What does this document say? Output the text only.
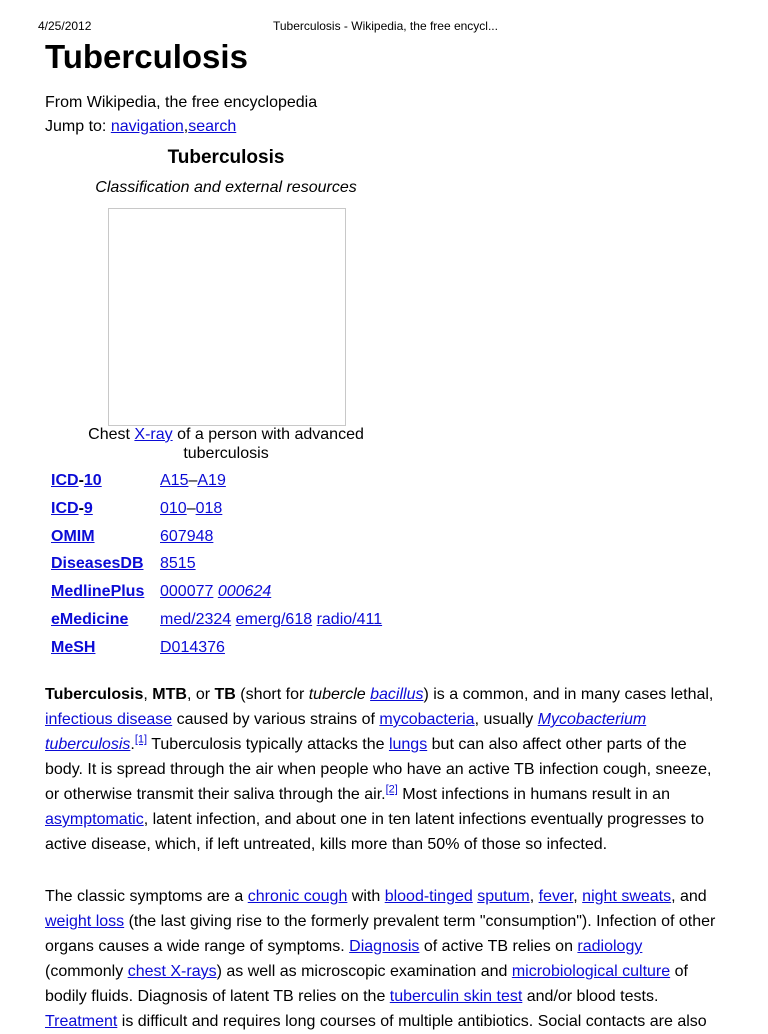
4/25/2012	Tuberculosis - Wikipedia, the free encycl...
Tuberculosis
From Wikipedia, the free encyclopedia
Jump to: navigation,search
Tuberculosis
Classification and external resources
Chest X-ray of a person with advanced
tuberculosis
ICD-10	A15–A19
ICD-9	010–018
OMIM	607948
DiseasesDB 8515
MedlinePlus 000077 000624
eMedicine med/2324 emerg/618 radio/411
MeSH	D014376

Tuberculosis, MTB, or TB (short for tubercle bacillus) is a common, and in many cases lethal,

infectious disease caused by various strains of mycobacteria, usually Mycobacterium

tuberculosis.[1] Tuberculosis typically attacks the lungs but can also affect other parts of the

body. It is spread through the air when people who have an active TB infection cough, sneeze,

or otherwise transmit their saliva through the air.[2] Most infections in humans result in an

asymptomatic, latent infection, and about one in ten latent infections eventually progresses to

active disease, which, if left untreated, kills more than 50% of those so infected.

The classic symptoms are a chronic cough with blood-tinged sputum, fever, night sweats, and

weight loss (the last giving rise to the formerly prevalent term "consumption"). Infection of other

organs causes a wide range of symptoms. Diagnosis of active TB relies on radiology

(commonly chest X-rays) as well as microscopic examination and microbiological culture of

bodily fluids. Diagnosis of latent TB relies on the tuberculin skin test and/or blood tests.

Treatment is difficult and requires long courses of multiple antibiotics. Social contacts are also
